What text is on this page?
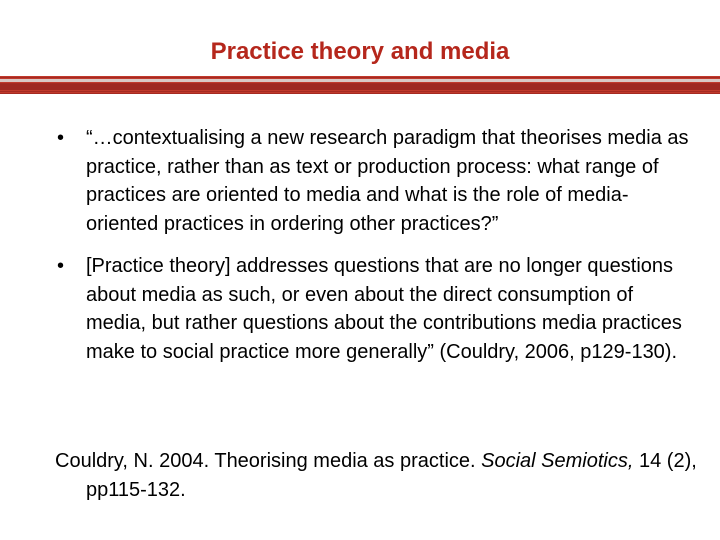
Practice theory and media
• “…contextualising a new research paradigm that theorises media as practice, rather than as text or production process: what range of practices are oriented to media and what is the role of media-oriented practices in ordering other practices?”
• [Practice theory] addresses questions that are no longer questions about media as such, or even about the direct consumption of media, but rather questions about the contributions media practices make to social practice more generally” (Couldry, 2006, p129-130).
Couldry, N. 2004. Theorising media as practice. Social Semiotics, 14 (2), pp115-132.
